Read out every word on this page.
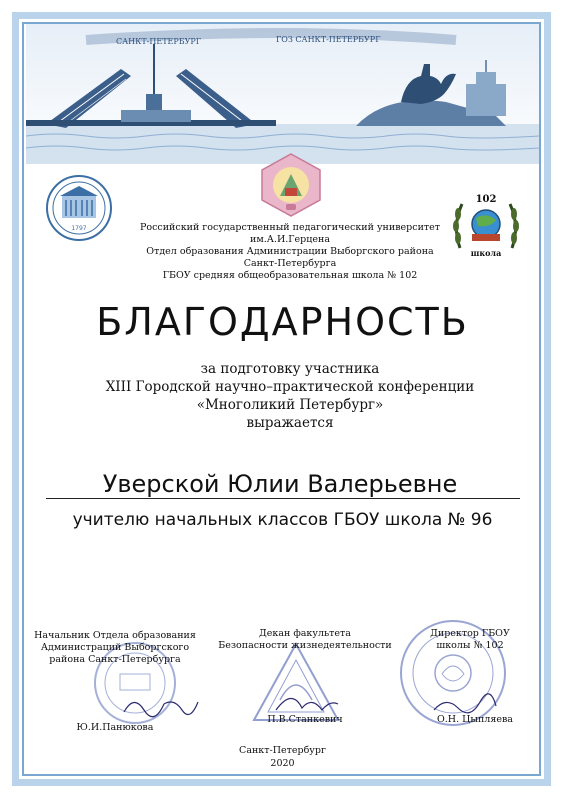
САНКТ-ПЕТЕРБУРГ	ГОЗ САНКТ-ПЕТЕРБУРГ
1797
102
школа
Российский государственный педагогический университет
им.А.И.Герцена
Отдел образования Администрации Выборгского района
Санкт-Петербурга
ГБОУ средняя общеобразовательная школа № 102
БЛАГОДАРНОСТЬ
за подготовку участника
XIII Городской научно–практической конференции
«Многоликий Петербург»
выражается
Уверской Юлии Валерьевне
учителю начальных классов ГБОУ школа № 96
Начальник Отдела образования
Администраций Выборгского
района Санкт-Петербурга
Ю.И.Панюкова
Декан факультета
Безопасности жизнедеятельности
П.В.Станкевич
Директор ГБОУ
школы № 102
О.Н. Цыпляева
Санкт-Петербург
2020
